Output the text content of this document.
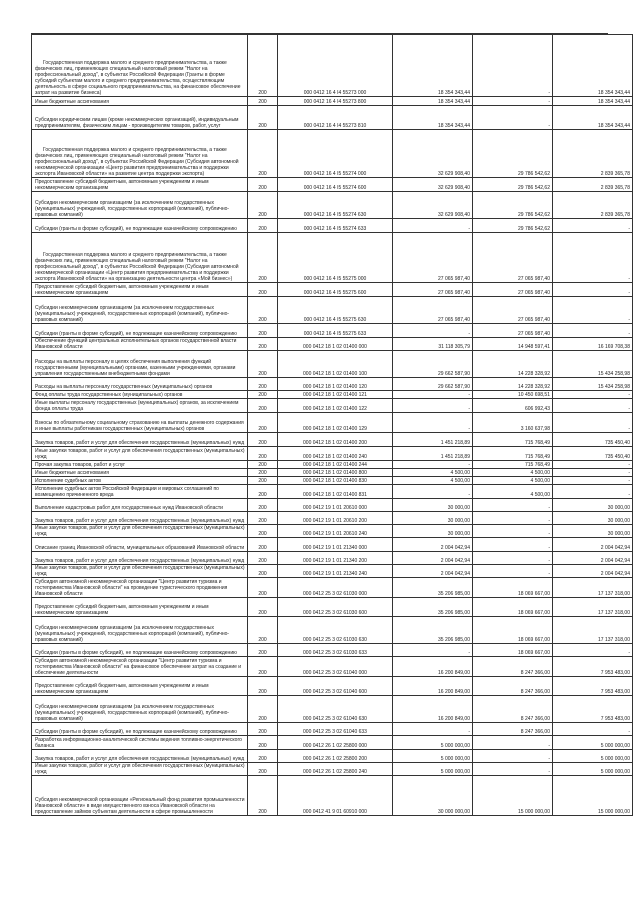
Государственная поддержка малого и среднего предпринимательства, а также физических лиц, применяющих специальный налоговый режим "Налог на профессиональный доход", в субъектах Российской Федерации (Гранты в форме субсидий субъектам малого и среднего предпринимательства, осуществляющим деятельность в сфере социального предпринимательства, на финансовое обеспечение затрат на развитие бизнеса)	200	000 0412 16 4 I4 55273 000	18 354 343,44	-	18 354 343,44
Иные бюджетные ассигнования	200	000 0412 16 4 I4 55273 800	18 354 343,44	-	18 354 343,44
Субсидии юридическим лицам (кроме некоммерческих организаций), индивидуальным предпринимателям, физическим лицам - производителям товаров, работ, услуг	200	000 0412 16 4 I4 55273 810	18 354 343,44	-	18 354 343,44
Государственная поддержка малого и среднего предпринимательства, а также физических лиц, применяющих специальный налоговый режим "Налог на профессиональный доход", в субъектах Российской Федерации (Субсидия автономной некоммерческой организации «Центр развития предпринимательства и поддержки экспорта Ивановской области» на развитие центра поддержки экспорта)	200	000 0412 16 4 I5 55274 000	32 629 908,40	29 786 542,62	2 839 365,78
Предоставление субсидий бюджетным, автономным учреждениям и иным некоммерческим организациям	200	000 0412 16 4 I5 55274 600	32 629 908,40	29 786 542,62	2 839 365,78
Субсидии некоммерческим организациям (за исключением государственных (муниципальных) учреждений, государственных корпораций (компаний), публично-правовых компаний)	200	000 0412 16 4 I5 55274 630	32 629 908,40	29 786 542,62	2 839 365,78
Субсидии (гранты в форме субсидий), не подлежащие казначейскому сопровождению	200	000 0412 16 4 I5 55274 633	-	29 786 542,62	-
Государственная поддержка малого и среднего предпринимательства, а также физических лиц, применяющих специальный налоговый режим "Налог на профессиональный доход", в субъектах Российской Федерации (Субсидия автономной некоммерческой организации «Центр развития предпринимательства и поддержки экспорта Ивановской области» на организацию деятельности центра «Мой бизнес»)	200	000 0412 16 4 I5 55275 000	27 065 987,40	27 065 987,40	-
Предоставление субсидий бюджетным, автономным учреждениям и иным некоммерческим организациям	200	000 0412 16 4 I5 55275 600	27 065 987,40	27 065 987,40	-
Субсидии некоммерческим организациям (за исключением государственных (муниципальных) учреждений, государственных корпораций (компаний), публично-правовых компаний)	200	000 0412 16 4 I5 55275 630	27 065 987,40	27 065 987,40	-
Субсидии (гранты в форме субсидий), не подлежащие казначейскому сопровождению	200	000 0412 16 4 I5 55275 633	-	27 065 987,40	-
Обеспечение функций центральных исполнительных органов государственной власти Ивановской области	200	000 0412 18 1 02 01400 000	31 118 305,79	14 948 597,41	16 169 708,38
Расходы на выплаты персоналу в целях обеспечения выполнения функций государственными (муниципальными) органами, казенными учреждениями, органами управления государственными внебюджетными фондами	200	000 0412 18 1 02 01400 100	29 662 587,90	14 228 328,92	15 434 258,98
Расходы на выплаты персоналу государственных (муниципальных) органов	200	000 0412 18 1 02 01400 120	29 662 587,90	14 228 328,92	15 434 258,98
Фонд оплаты труда государственных (муниципальных) органов	200	000 0412 18 1 02 01400 121	-	10 450 698,51	-
Иные выплаты персоналу государственных (муниципальных) органов, за исключением фонда оплаты труда	200	000 0412 18 1 02 01400 122	-	606 992,43	-
Взносы по обязательному социальному страхованию на выплаты денежного содержания и иные выплаты работникам государственных (муниципальных) органов	200	000 0412 18 1 02 01400 129	-	3 160 637,98	-
Закупка товаров, работ и услуг для обеспечения государственных (муниципальных) нужд	200	000 0412 18 1 02 01400 200	1 451 218,89	715 768,49	735 450,40
Иные закупки товаров, работ и услуг для обеспечения государственных (муниципальных) нужд	200	000 0412 18 1 02 01400 240	1 451 218,89	715 768,49	735 450,40
Прочая закупка товаров, работ и услуг	200	000 0412 18 1 02 01400 244	-	715 768,49	-
Иные бюджетные ассигнования	200	000 0412 18 1 02 01400 800	4 500,00	4 500,00	-
Исполнение судебных актов	200	000 0412 18 1 02 01400 830	4 500,00	4 500,00	-
Исполнение судебных актов Российской Федерации и мировых соглашений по возмещению причиненного вреда	200	000 0412 18 1 02 01400 831	-	4 500,00	-
Выполнение кадастровых работ для государственных нужд Ивановской области	200	000 0412 19 1 01 20610 000	30 000,00	-	30 000,00
Закупка товаров, работ и услуг для обеспечения государственных (муниципальных) нужд	200	000 0412 19 1 01 20610 200	30 000,00	-	30 000,00
Иные закупки товаров, работ и услуг для обеспечения государственных (муниципальных) нужд	200	000 0412 19 1 01 20610 240	30 000,00	-	30 000,00
Описание границ Ивановской области, муниципальных образований Ивановской области	200	000 0412 19 1 01 21340 000	2 004 042,94	-	2 004 042,94
Закупка товаров, работ и услуг для обеспечения государственных (муниципальных) нужд	200	000 0412 19 1 01 21340 200	2 004 042,94	-	2 004 042,94
Иные закупки товаров, работ и услуг для обеспечения государственных (муниципальных) нужд	200	000 0412 19 1 01 21340 240	2 004 042,94	-	2 004 042,94
Субсидия автономной некоммерческой организации "Центр развития туризма и гостеприимства Ивановской области" на проведение туристического продвижения Ивановской области	200	000 0412 25 3 02 61030 000	35 206 985,00	18 069 667,00	17 137 318,00
Предоставление субсидий бюджетным, автономным учреждениям и иным некоммерческим организациям	200	000 0412 25 3 02 61030 600	35 206 985,00	18 069 667,00	17 137 318,00
Субсидии некоммерческим организациям (за исключением государственных (муниципальных) учреждений, государственных корпораций (компаний), публично-правовых компаний)	200	000 0412 25 3 02 61030 630	35 206 985,00	18 069 667,00	17 137 318,00
Субсидии (гранты в форме субсидий), не подлежащие казначейскому сопровождению	200	000 0412 25 3 02 61030 633	-	18 069 667,00	-
Субсидия автономной некоммерческой организации "Центр развития туризма и гостеприимства Ивановской области" на финансовое обеспечение затрат на создание и обеспечение деятельности	200	000 0412 25 3 02 61040 000	16 200 849,00	8 247 366,00	7 953 483,00
Предоставление субсидий бюджетным, автономным учреждениям и иным некоммерческим организациям	200	000 0412 25 3 02 61040 600	16 200 849,00	8 247 366,00	7 953 483,00
Субсидии некоммерческим организациям (за исключением государственных (муниципальных) учреждений, государственных корпораций (компаний), публично-правовых компаний)	200	000 0412 25 3 02 61040 630	16 200 849,00	8 247 366,00	7 953 483,00
Субсидии (гранты в форме субсидий), не подлежащие казначейскому сопровождению	200	000 0412 25 3 02 61040 633	-	8 247 366,00	-
Разработка информационно-аналитической системы ведения топливно-энергетического баланса	200	000 0412 26 1 02 25800 000	5 000 000,00	-	5 000 000,00
Закупка товаров, работ и услуг для обеспечения государственных (муниципальных) нужд	200	000 0412 26 1 02 25800 200	5 000 000,00	-	5 000 000,00
Иные закупки товаров, работ и услуг для обеспечения государственных (муниципальных) нужд	200	000 0412 26 1 02 25800 240	5 000 000,00	-	5 000 000,00
Субсидия некоммерческой организации «Региональный фонд развития промышленности Ивановской области» в виде имущественного взноса Ивановской области на предоставление займов субъектам деятельности в сфере промышленности	200	000 0412 41 9 01 60910 000	30 000 000,00	15 000 000,00	15 000 000,00
